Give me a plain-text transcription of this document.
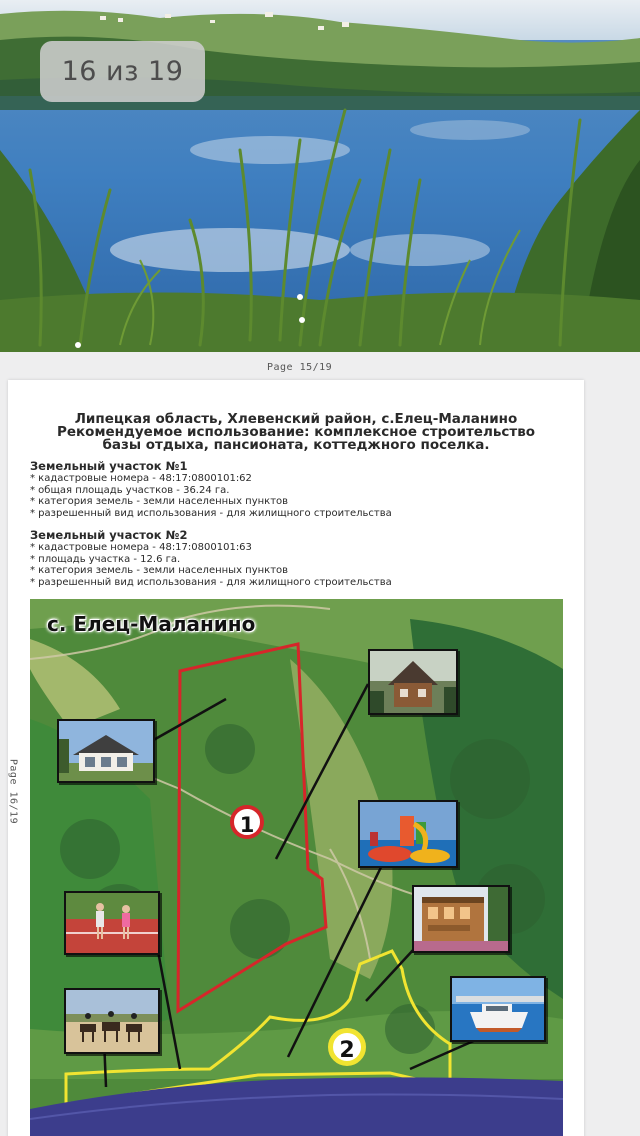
16 из 19
Page 15/19
Липецкая область, Хлевенский район, с.Елец-Маланино
Рекомендуемое использование: комплексное строительство
базы отдыха, пансионата, коттеджного поселка.
Page 16/19
Земельный участок №1
* кадастровые номера - 48:17:0800101:62
* общая площадь участков - 36.24 га.
* категория земель - земли населенных пунктов
* разрешенный вид использования - для жилищного строительства
Земельный участок №2
* кадастровые номера - 48:17:0800101:63
* площадь участка - 12.6 га.
* категория земель - земли населенных пунктов
* разрешенный вид использования - для жилищного строительства
с. Елец-Маланино
1
2
